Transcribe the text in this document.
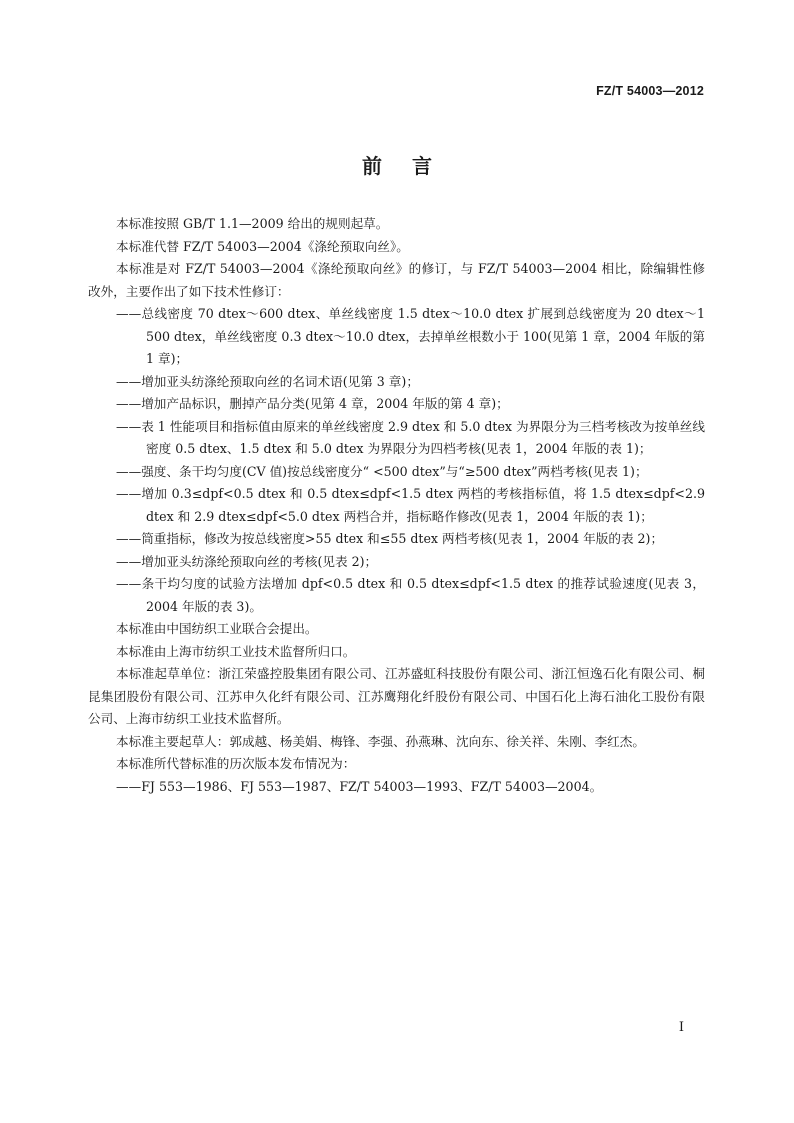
FZ/T 54003—2012
前言

本标准按照 GB/T 1.1—2009 给出的规则起草。

本标准代替 FZ/T 54003—2004《涤纶预取向丝》。

本标准是对 FZ/T 54003—2004《涤纶预取向丝》的修订，与 FZ/T 54003—2004 相比，除编辑性修改外，主要作出了如下技术性修订：

——总线密度 70 dtex～600 dtex、单丝线密度 1.5 dtex～10.0 dtex 扩展到总线密度为 20 dtex～1 500 dtex，单丝线密度 0.3 dtex～10.0 dtex，去掉单丝根数小于 100(见第 1 章，2004 年版的第 1 章)；

——增加亚头纺涤纶预取向丝的名词术语(见第 3 章)；

——增加产品标识，删掉产品分类(见第 4 章，2004 年版的第 4 章)；

——表 1 性能项目和指标值由原来的单丝线密度 2.9 dtex 和 5.0 dtex 为界限分为三档考核改为按单丝线密度 0.5 dtex、1.5 dtex 和 5.0 dtex 为界限分为四档考核(见表 1，2004 年版的表 1)；

——强度、条干均匀度(CV 值)按总线密度分“ <500 dtex”与“≥500 dtex”两档考核(见表 1)；

——增加 0.3≤dpf<0.5 dtex 和 0.5 dtex≤dpf<1.5 dtex 两档的考核指标值，将 1.5 dtex≤dpf<2.9 dtex 和 2.9 dtex≤dpf<5.0 dtex 两档合并，指标略作修改(见表 1，2004 年版的表 1)；

——筒重指标，修改为按总线密度>55 dtex 和≤55 dtex 两档考核(见表 1，2004 年版的表 2)；

——增加亚头纺涤纶预取向丝的考核(见表 2)；

——条干均匀度的试验方法增加 dpf<0.5 dtex 和 0.5 dtex≤dpf<1.5 dtex 的推荐试验速度(见表 3，2004 年版的表 3)。

本标准由中国纺织工业联合会提出。

本标准由上海市纺织工业技术监督所归口。

本标准起草单位：浙江荣盛控股集团有限公司、江苏盛虹科技股份有限公司、浙江恒逸石化有限公司、桐昆集团股份有限公司、江苏申久化纤有限公司、江苏鹰翔化纤股份有限公司、中国石化上海石油化工股份有限公司、上海市纺织工业技术监督所。

本标准主要起草人：郭成越、杨美娟、梅锋、李强、孙燕琳、沈向东、徐关祥、朱刚、李红杰。

本标准所代替标准的历次版本发布情况为：

——FJ 553—1986、FJ 553—1987、FZ/T 54003—1993、FZ/T 54003—2004。

I
